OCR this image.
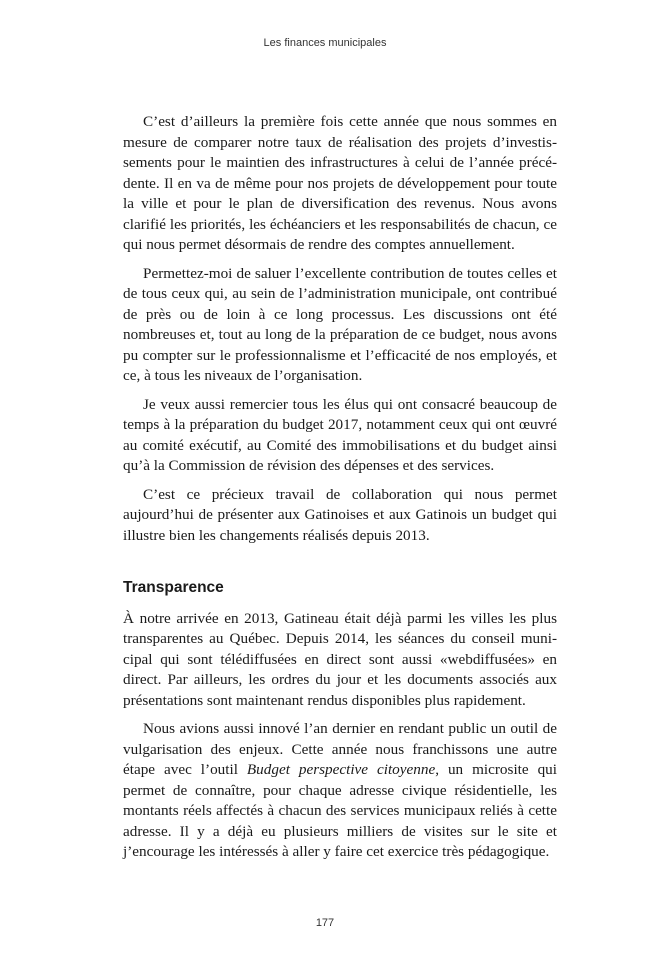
Les finances municipales

C’est d’ailleurs la première fois cette année que nous sommes en mesure de comparer notre taux de réalisation des projets d’investissements pour le maintien des infrastructures à celui de l’année précédente. Il en va de même pour nos projets de développement pour toute la ville et pour le plan de diversification des revenus. Nous avons clarifié les priorités, les échéanciers et les responsabilités de chacun, ce qui nous permet désormais de rendre des comptes annuellement.

Permettez-moi de saluer l’excellente contribution de toutes celles et de tous ceux qui, au sein de l’administration municipale, ont contribué de près ou de loin à ce long processus. Les discussions ont été nombreuses et, tout au long de la préparation de ce budget, nous avons pu compter sur le professionnalisme et l’efficacité de nos employés, et ce, à tous les niveaux de l’organisation.

Je veux aussi remercier tous les élus qui ont consacré beaucoup de temps à la préparation du budget 2017, notamment ceux qui ont œuvré au comité exécutif, au Comité des immobilisations et du budget ainsi qu’à la Commission de révision des dépenses et des services.

C’est ce précieux travail de collaboration qui nous permet aujourd’hui de présenter aux Gatinoises et aux Gatinois un budget qui illustre bien les changements réalisés depuis 2013.

Transparence

À notre arrivée en 2013, Gatineau était déjà parmi les villes les plus transparentes au Québec. Depuis 2014, les séances du conseil municipal qui sont télédiffusées en direct sont aussi «webdiffusées» en direct. Par ailleurs, les ordres du jour et les documents associés aux présentations sont maintenant rendus disponibles plus rapidement.

Nous avions aussi innové l’an dernier en rendant public un outil de vulgarisation des enjeux. Cette année nous franchissons une autre étape avec l’outil Budget perspective citoyenne, un microsite qui permet de connaître, pour chaque adresse civique résidentielle, les montants réels affectés à chacun des services municipaux reliés à cette adresse. Il y a déjà eu plusieurs milliers de visites sur le site et j’encourage les intéressés à aller y faire cet exercice très pédagogique.

177
